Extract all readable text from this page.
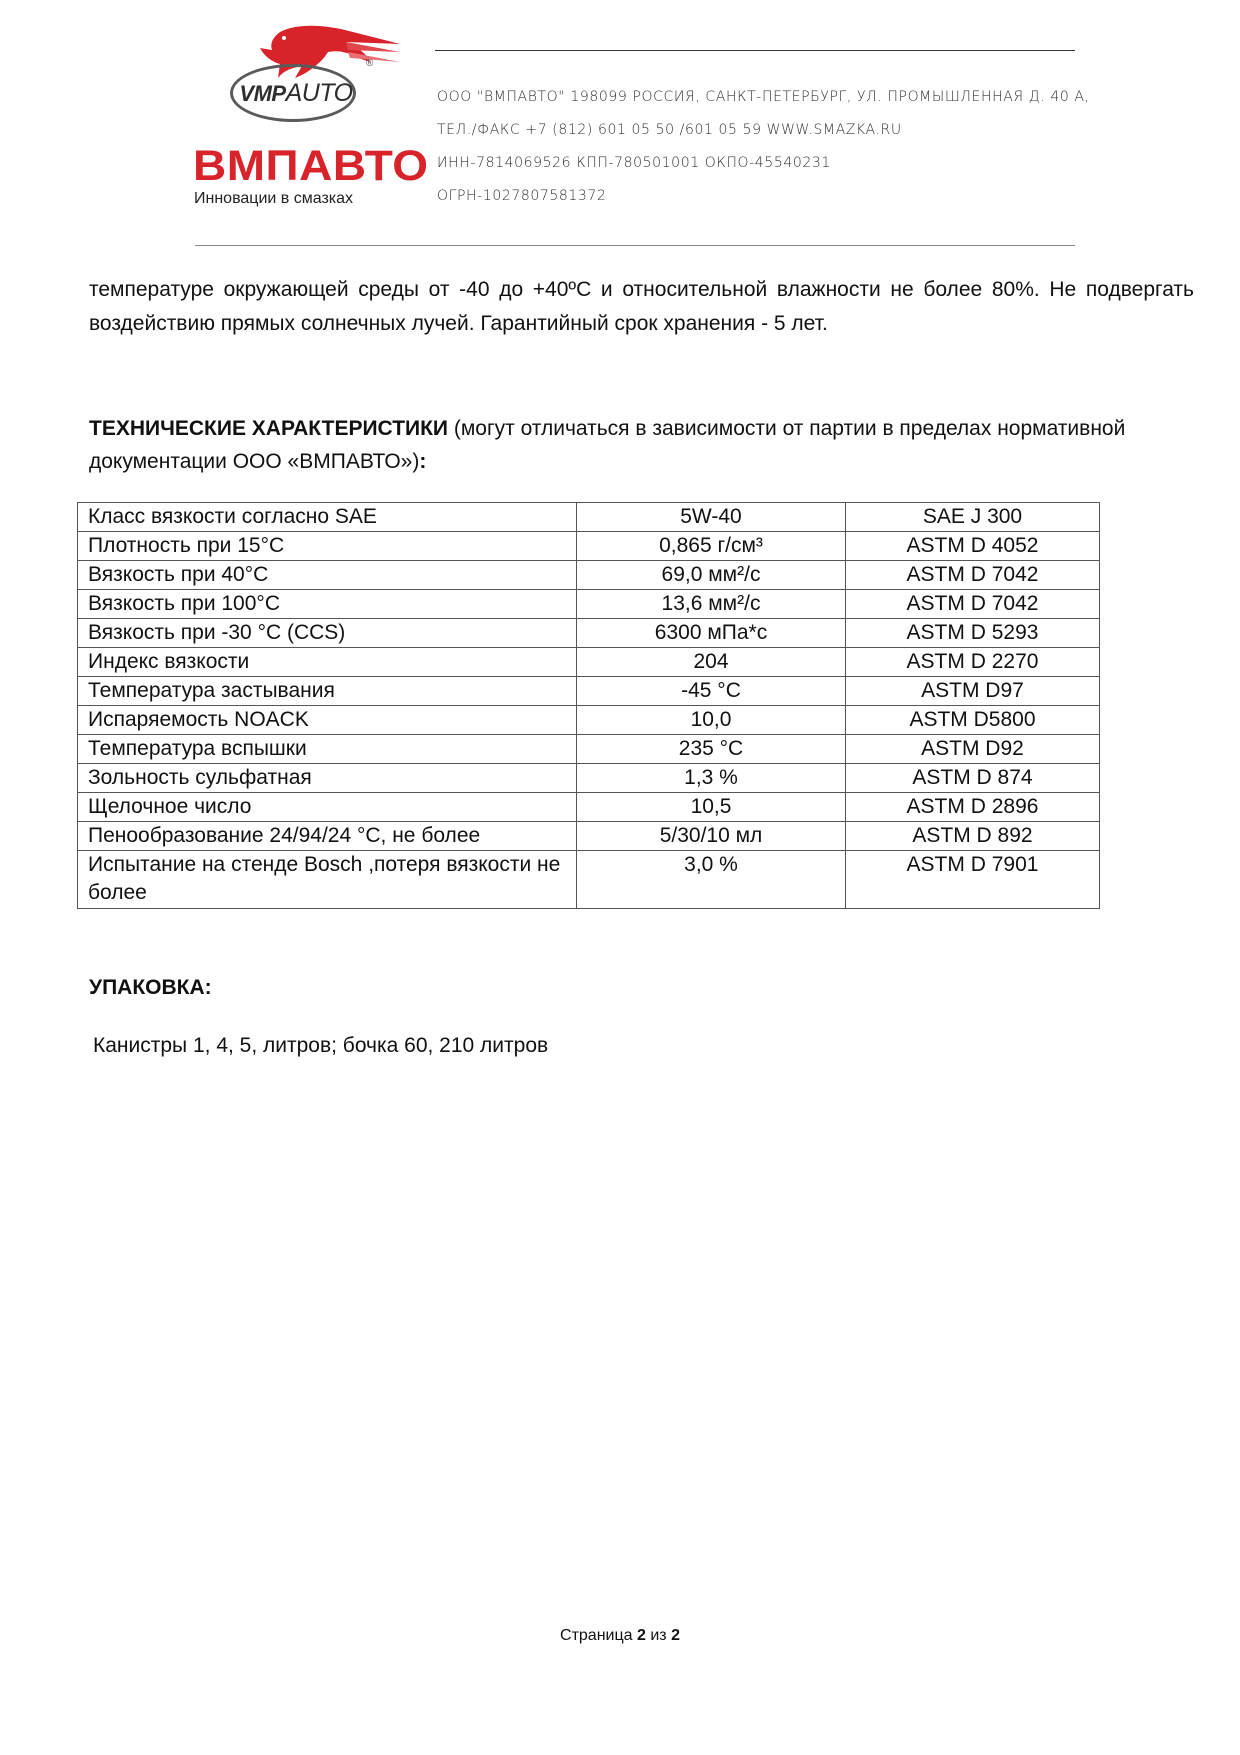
VMPAUTO
®
ВМПАВТО
Инновации в смазках
ООО "ВМПАВТО" 198099 РОССИЯ, САНКТ-ПЕТЕРБУРГ, УЛ. ПРОМЫШЛЕННАЯ Д. 40 А,
ТЕЛ./ФАКС +7 (812) 601 05 50 /601 05 59 WWW.SMAZKA.RU
ИНН-7814069526 КПП-780501001 ОКПО-45540231
ОГРН-1027807581372
температуре окружающей среды от -40 до +40ºС и относительной влажности не более 80%. Не подвергать воздействию прямых солнечных лучей. Гарантийный срок хранения - 5 лет.
ТЕХНИЧЕСКИЕ ХАРАКТЕРИСТИКИ (могут отличаться в зависимости от партии в пределах нормативной документации ООО «ВМПАВТО»):
Класс вязкости согласно SAE	5W-40	SAE J 300
Плотность при 15°С	0,865 г/см³	ASTM D 4052
Вязкость при 40°С	69,0 мм²/с	ASTM D 7042
Вязкость при 100°С	13,6 мм²/с	ASTM D 7042
Вязкость при -30 °С (CCS)	6300 мПа*с	ASTM D 5293
Индекс вязкости	204	ASTM D 2270
Температура застывания	-45 °С	ASTM D97
Испаряемость NOACK	10,0	ASTM D5800
Температура вспышки	235 °С	ASTM D92
Зольность сульфатная	1,3 %	ASTM D 874
Щелочное число	10,5	ASTM D 2896
Пенообразование 24/94/24 °С, не более	5/30/10 мл	ASTM D 892
Испытание на стенде Bosch ,потеря вязкости не более	3,0 %	ASTM D 7901
УПАКОВКА:
Канистры 1, 4, 5, литров; бочка 60, 210 литров
Страница 2 из 2
